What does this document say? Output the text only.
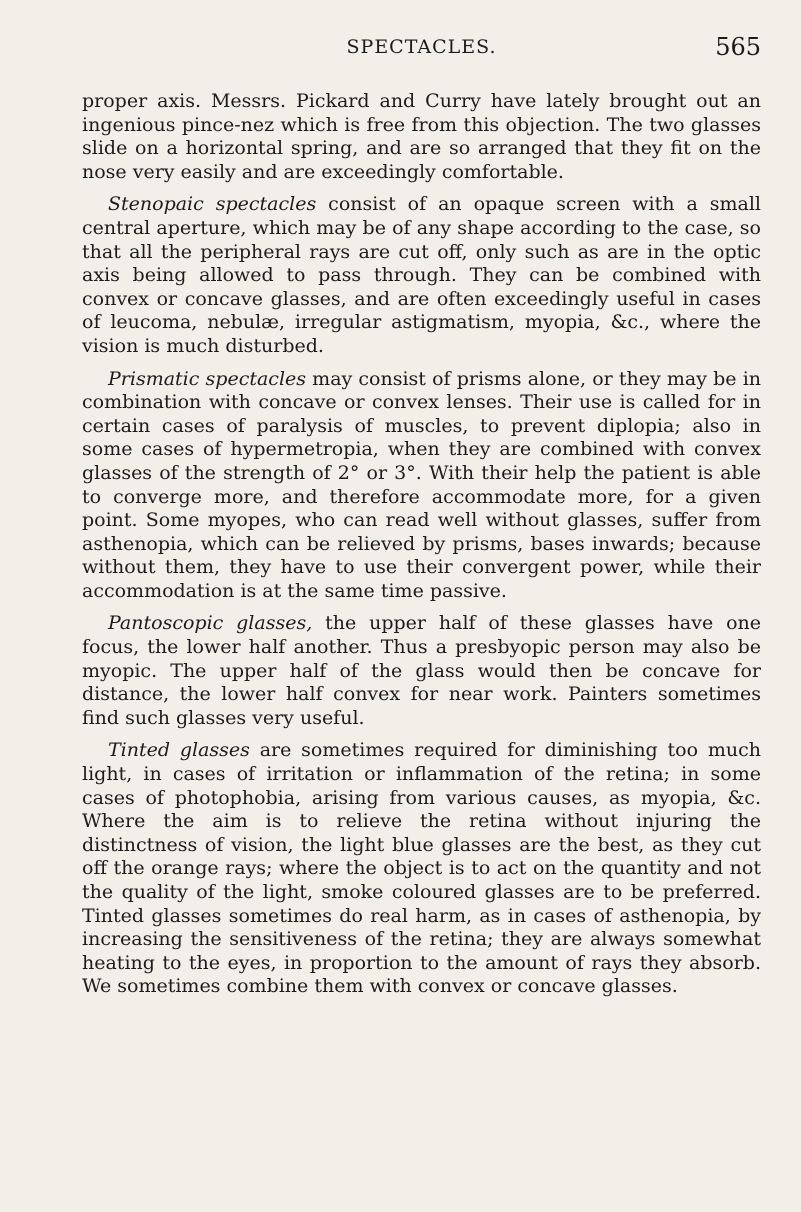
SPECTACLES.	565

proper axis. Messrs. Pickard and Curry have lately brought out an ingenious pince-nez which is free from this objection. The two glasses slide on a horizontal spring, and are so arranged that they fit on the nose very easily and are exceedingly comfortable.

Stenopaic spectacles consist of an opaque screen with a small central aperture, which may be of any shape according to the case, so that all the peripheral rays are cut off, only such as are in the optic axis being allowed to pass through. They can be combined with convex or concave glasses, and are often exceedingly useful in cases of leucoma, nebulæ, irregular astigmatism, myopia, &c., where the vision is much disturbed.

Prismatic spectacles may consist of prisms alone, or they may be in combination with concave or convex lenses. Their use is called for in certain cases of paralysis of muscles, to prevent diplopia; also in some cases of hypermetropia, when they are combined with convex glasses of the strength of 2° or 3°. With their help the patient is able to converge more, and therefore accommodate more, for a given point. Some myopes, who can read well without glasses, suffer from asthenopia, which can be relieved by prisms, bases inwards; because without them, they have to use their convergent power, while their accommodation is at the same time passive.

Pantoscopic glasses, the upper half of these glasses have one focus, the lower half another. Thus a presbyopic person may also be myopic. The upper half of the glass would then be concave for distance, the lower half convex for near work. Painters sometimes find such glasses very useful.

Tinted glasses are sometimes required for diminishing too much light, in cases of irritation or inflammation of the retina; in some cases of photophobia, arising from various causes, as myopia, &c. Where the aim is to relieve the retina without injuring the distinctness of vision, the light blue glasses are the best, as they cut off the orange rays; where the object is to act on the quantity and not the quality of the light, smoke coloured glasses are to be preferred. Tinted glasses sometimes do real harm, as in cases of asthenopia, by increasing the sensitiveness of the retina; they are always somewhat heating to the eyes, in proportion to the amount of rays they absorb. We sometimes combine them with convex or concave glasses.
